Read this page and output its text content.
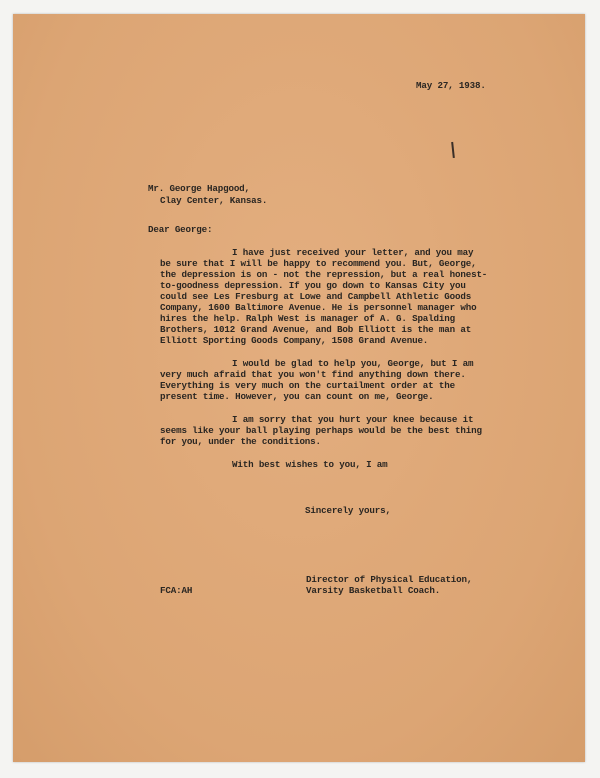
May 27, 1938.
Mr. George Hapgood,
Clay Center, Kansas.
Dear George:
I have just received your letter, and you may
be sure that I will be happy to recommend you. But, George,
the depression is on - not the repression, but a real honest-
to-goodness depression. If you go down to Kansas City you
could see Les Fresburg at Lowe and Campbell Athletic Goods
Company, 1600 Baltimore Avenue. He is personnel manager who
hires the help. Ralph West is manager of A. G. Spalding
Brothers, 1012 Grand Avenue, and Bob Elliott is the man at
Elliott Sporting Goods Company, 1508 Grand Avenue.
I would be glad to help you, George, but I am
very much afraid that you won't find anything down there.
Everything is very much on the curtailment order at the
present time. However, you can count on me, George.
I am sorry that you hurt your knee because it
seems like your ball playing perhaps would be the best thing
for you, under the conditions.
With best wishes to you, I am
Sincerely yours,
Director of Physical Education,
Varsity Basketball Coach.
FCA:AH
